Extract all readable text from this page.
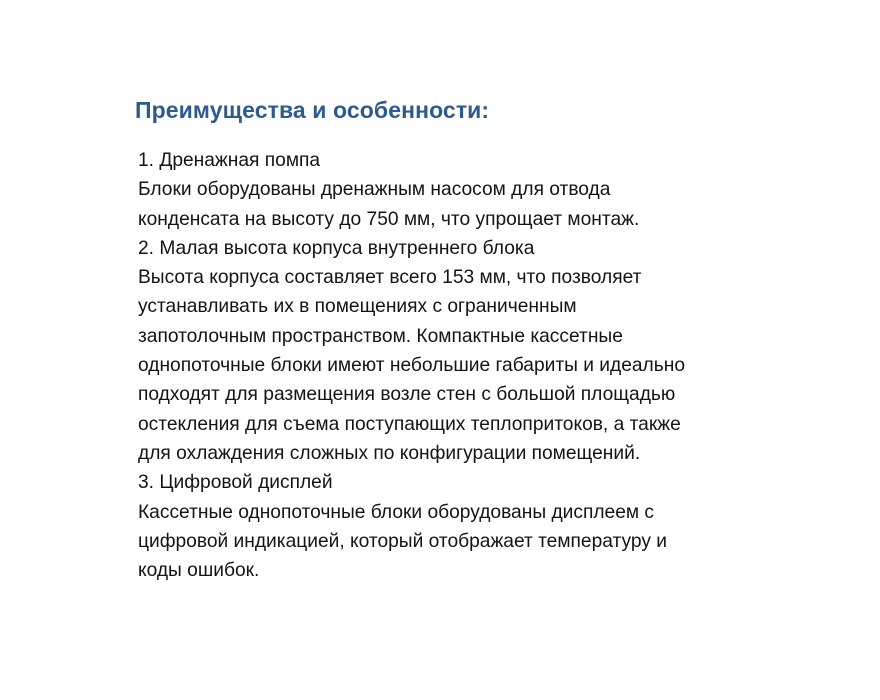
Преимущества и особенности:
1. Дренажная помпа
Блоки оборудованы дренажным насосом для отвода
конденсата на высоту до 750 мм, что упрощает монтаж.
2. Малая высота корпуса внутреннего блока
Высота корпуса составляет всего 153 мм, что позволяет
устанавливать их в помещениях с ограниченным
запотолочным пространством. Компактные кассетные
однопоточные блоки имеют небольшие габариты и идеально
подходят для размещения возле стен с большой площадью
остекления для съема поступающих теплопритоков, а также
для охлаждения сложных по конфигурации помещений.
3. Цифровой дисплей
Кассетные однопоточные блоки оборудованы дисплеем с
цифровой индикацией, который отображает температуру и
коды ошибок.
